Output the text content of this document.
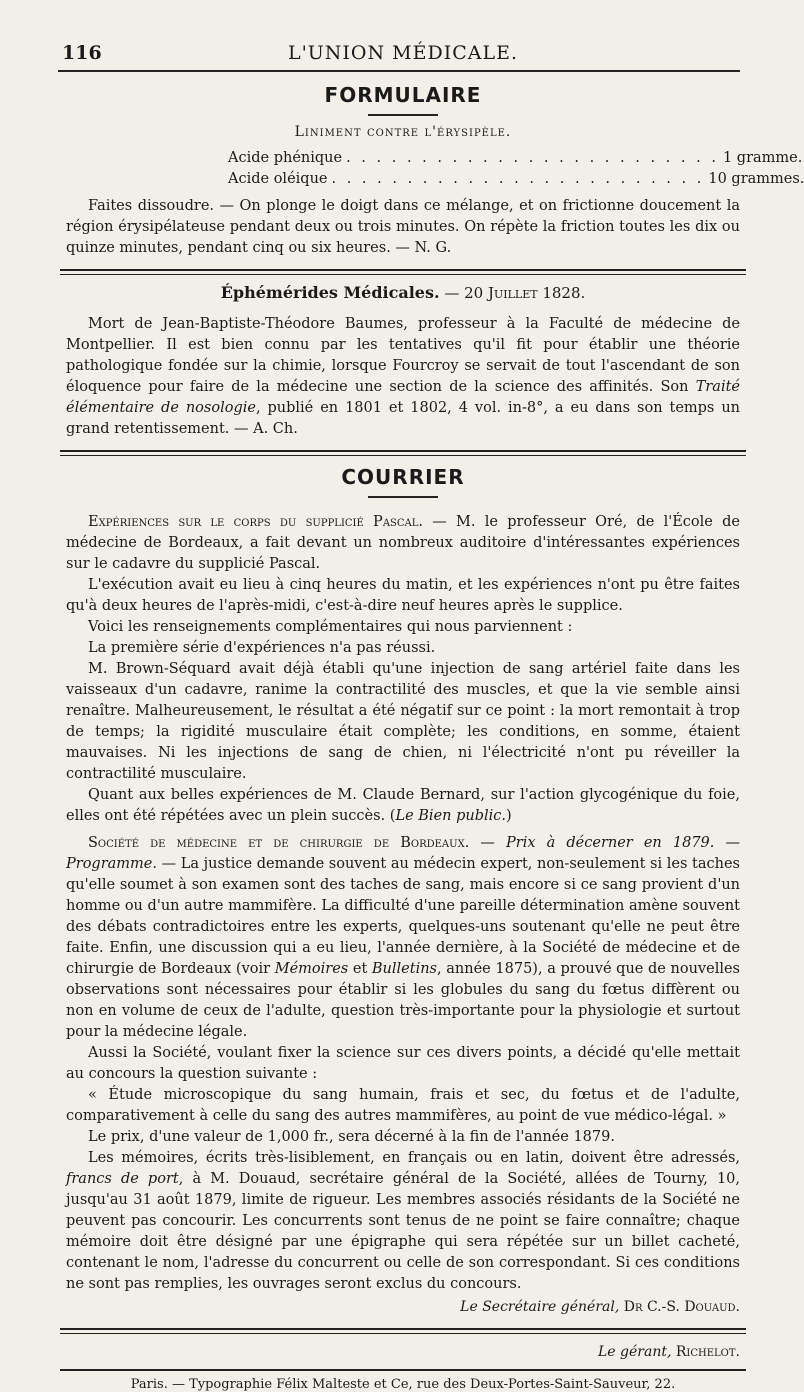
116	L'UNION MÉDICALE.
FORMULAIRE
Liniment contre l'érysipèle.
Acide phénique . . . . . . . . . . . . . . . . . . . . . . . . . 1 gramme.
Acide oléique . . . . . . . . . . . . . . . . . . . . . . . . . 10 grammes.

Faites dissoudre. — On plonge le doigt dans ce mélange, et on frictionne doucement la région érysipélateuse pendant deux ou trois minutes. On répète la friction toutes les dix ou quinze minutes, pendant cinq ou six heures. — N. G.

Éphémérides Médicales. — 20 Juillet 1828.

Mort de Jean-Baptiste-Théodore Baumes, professeur à la Faculté de médecine de Montpellier. Il est bien connu par les tentatives qu'il fit pour établir une théorie pathologique fondée sur la chimie, lorsque Fourcroy se servait de tout l'ascendant de son éloquence pour faire de la médecine une section de la science des affinités. Son Traité élémentaire de nosologie, publié en 1801 et 1802, 4 vol. in-8°, a eu dans son temps un grand retentissement. — A. Ch.

COURRIER

Expériences sur le corps du supplicié Pascal. — M. le professeur Oré, de l'École de médecine de Bordeaux, a fait devant un nombreux auditoire d'intéressantes expériences sur le cadavre du supplicié Pascal.

L'exécution avait eu lieu à cinq heures du matin, et les expériences n'ont pu être faites qu'à deux heures de l'après-midi, c'est-à-dire neuf heures après le supplice.

Voici les renseignements complémentaires qui nous parviennent :

La première série d'expériences n'a pas réussi.

M. Brown-Séquard avait déjà établi qu'une injection de sang artériel faite dans les vaisseaux d'un cadavre, ranime la contractilité des muscles, et que la vie semble ainsi renaître. Malheureusement, le résultat a été négatif sur ce point : la mort remontait à trop de temps; la rigidité musculaire était complète; les conditions, en somme, étaient mauvaises. Ni les injections de sang de chien, ni l'électricité n'ont pu réveiller la contractilité musculaire.

Quant aux belles expériences de M. Claude Bernard, sur l'action glycogénique du foie, elles ont été répétées avec un plein succès. (Le Bien public.)

Société de médecine et de chirurgie de Bordeaux. — Prix à décerner en 1879. — Programme. — La justice demande souvent au médecin expert, non-seulement si les taches qu'elle soumet à son examen sont des taches de sang, mais encore si ce sang provient d'un homme ou d'un autre mammifère. La difficulté d'une pareille détermination amène souvent des débats contradictoires entre les experts, quelques-uns soutenant qu'elle ne peut être faite. Enfin, une discussion qui a eu lieu, l'année dernière, à la Société de médecine et de chirurgie de Bordeaux (voir Mémoires et Bulletins, année 1875), a prouvé que de nouvelles observations sont nécessaires pour établir si les globules du sang du fœtus diffèrent ou non en volume de ceux de l'adulte, question très-importante pour la physiologie et surtout pour la médecine légale.

Aussi la Société, voulant fixer la science sur ces divers points, a décidé qu'elle mettait au concours la question suivante :

« Étude microscopique du sang humain, frais et sec, du fœtus et de l'adulte, comparativement à celle du sang des autres mammifères, au point de vue médico-légal. »

Le prix, d'une valeur de 1,000 fr., sera décerné à la fin de l'année 1879.

Les mémoires, écrits très-lisiblement, en français ou en latin, doivent être adressés, francs de port, à M. Douaud, secrétaire général de la Société, allées de Tourny, 10, jusqu'au 31 août 1879, limite de rigueur. Les membres associés résidants de la Société ne peuvent pas concourir. Les concurrents sont tenus de ne point se faire connaître; chaque mémoire doit être désigné par une épigraphe qui sera répétée sur un billet cacheté, contenant le nom, l'adresse du concurrent ou celle de son correspondant. Si ces conditions ne sont pas remplies, les ouvrages seront exclus du concours.

Le Secrétaire général, Dr C.-S. Douaud.
Le gérant, Richelot.
Paris. — Typographie Félix Malteste et Ce, rue des Deux-Portes-Saint-Sauveur, 22.
